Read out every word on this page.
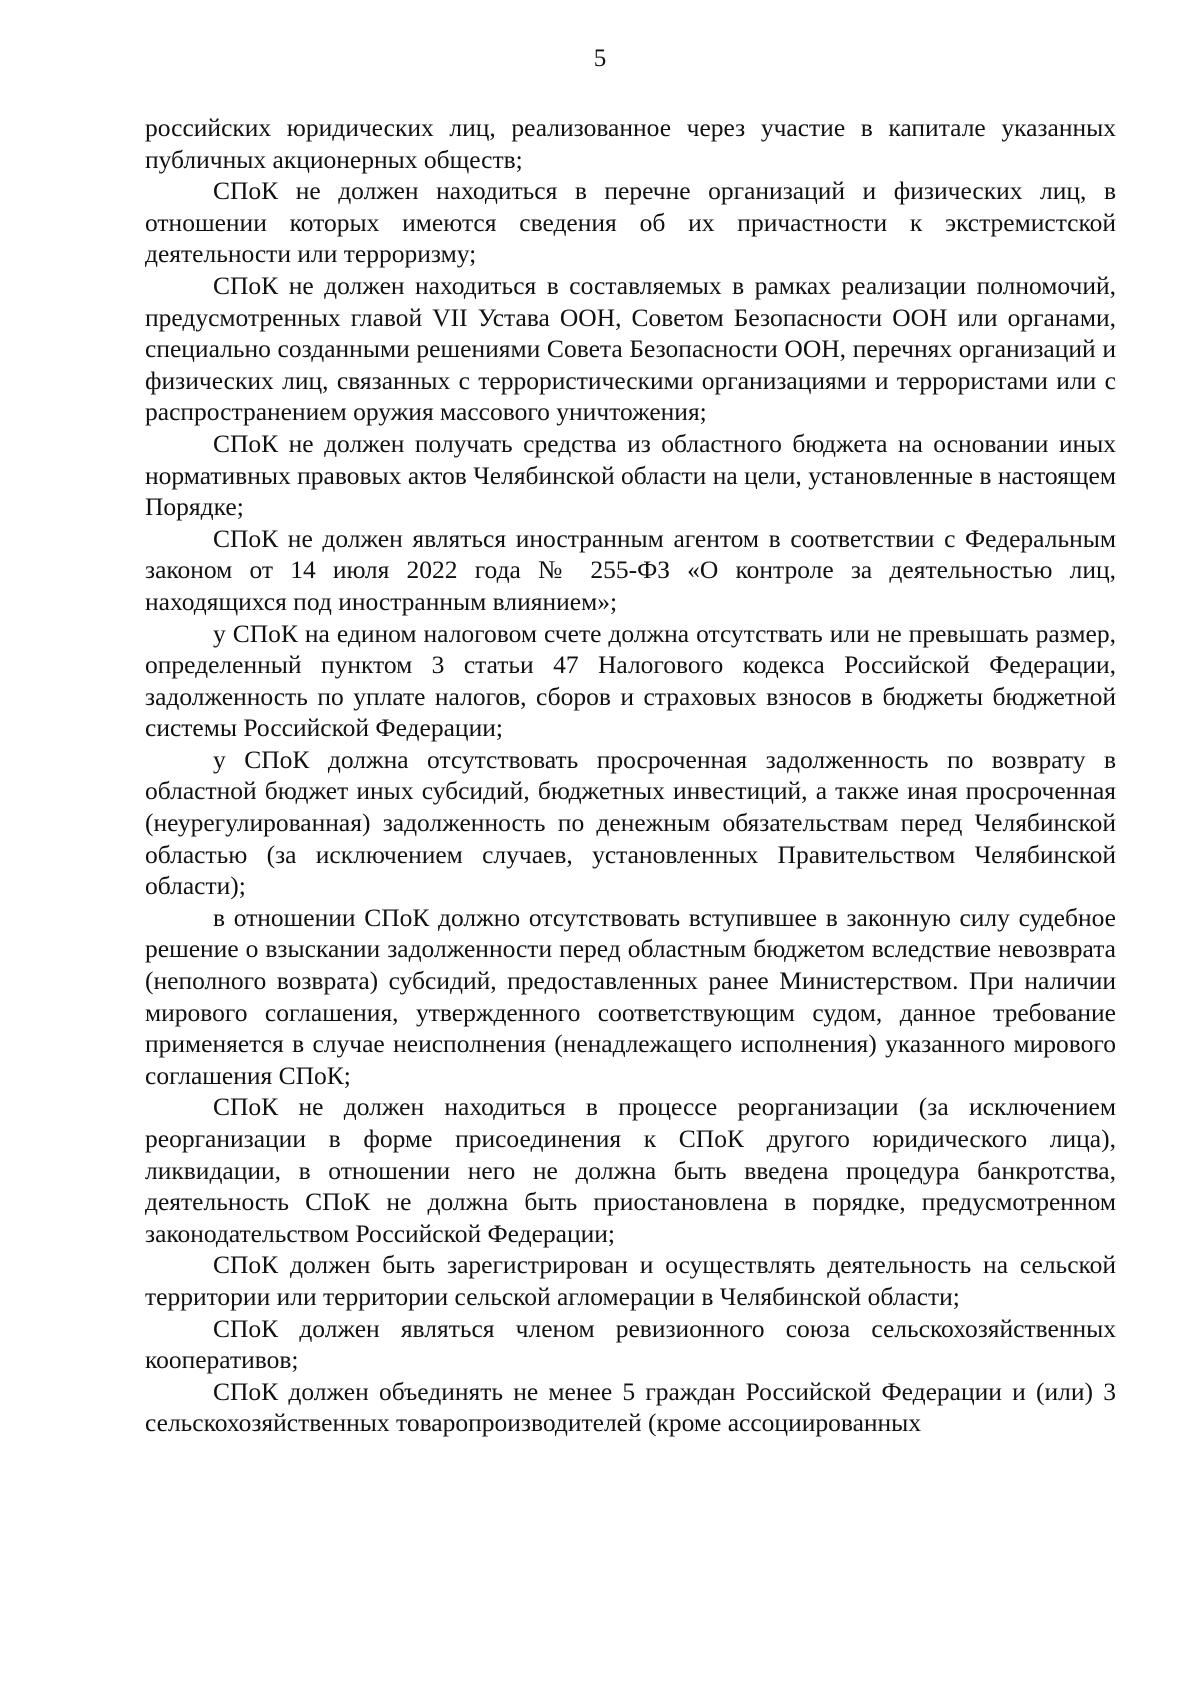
5

российских юридических лиц, реализованное через участие в капитале указанных публичных акционерных обществ;

СПоК не должен находиться в перечне организаций и физических лиц, в отношении которых имеются сведения об их причастности к экстремистской деятельности или терроризму;

СПоК не должен находиться в составляемых в рамках реализации полномочий, предусмотренных главой VII Устава ООН, Советом Безопасности ООН или органами, специально созданными решениями Совета Безопасности ООН, перечнях организаций и физических лиц, связанных с террористическими организациями и террористами или с распространением оружия массового уничтожения;

СПоК не должен получать средства из областного бюджета на основании иных нормативных правовых актов Челябинской области на цели, установленные в настоящем Порядке;

СПоК не должен являться иностранным агентом в соответствии с Федеральным законом от 14 июля 2022 года № 255-ФЗ «О контроле за деятельностью лиц, находящихся под иностранным влиянием»;

у СПоК на едином налоговом счете должна отсутствать или не превышать размер, определенный пунктом 3 статьи 47 Налогового кодекса Российской Федерации, задолженность по уплате налогов, сборов и страховых взносов в бюджеты бюджетной системы Российской Федерации;

у СПоК должна отсутствовать просроченная задолженность по возврату в областной бюджет иных субсидий, бюджетных инвестиций, а также иная просроченная (неурегулированная) задолженность по денежным обязательствам перед Челябинской областью (за исключением случаев, установленных Правительством Челябинской области);

в отношении СПоК должно отсутствовать вступившее в законную силу судебное решение о взыскании задолженности перед областным бюджетом вследствие невозврата (неполного возврата) субсидий, предоставленных ранее Министерством. При наличии мирового соглашения, утвержденного соответствующим судом, данное требование применяется в случае неисполнения (ненадлежащего исполнения) указанного мирового соглашения СПоК;

СПоК не должен находиться в процессе реорганизации (за исключением реорганизации в форме присоединения к СПоК другого юридического лица), ликвидации, в отношении него не должна быть введена процедура банкротства, деятельность СПоК не должна быть приостановлена в порядке, предусмотренном законодательством Российской Федерации;

СПоК должен быть зарегистрирован и осуществлять деятельность на сельской территории или территории сельской агломерации в Челябинской области;

СПоК должен являться членом ревизионного союза сельскохозяйственных кооперативов;

СПоК должен объединять не менее 5 граждан Российской Федерации и (или) 3 сельскохозяйственных товаропроизводителей (кроме ассоциированных
